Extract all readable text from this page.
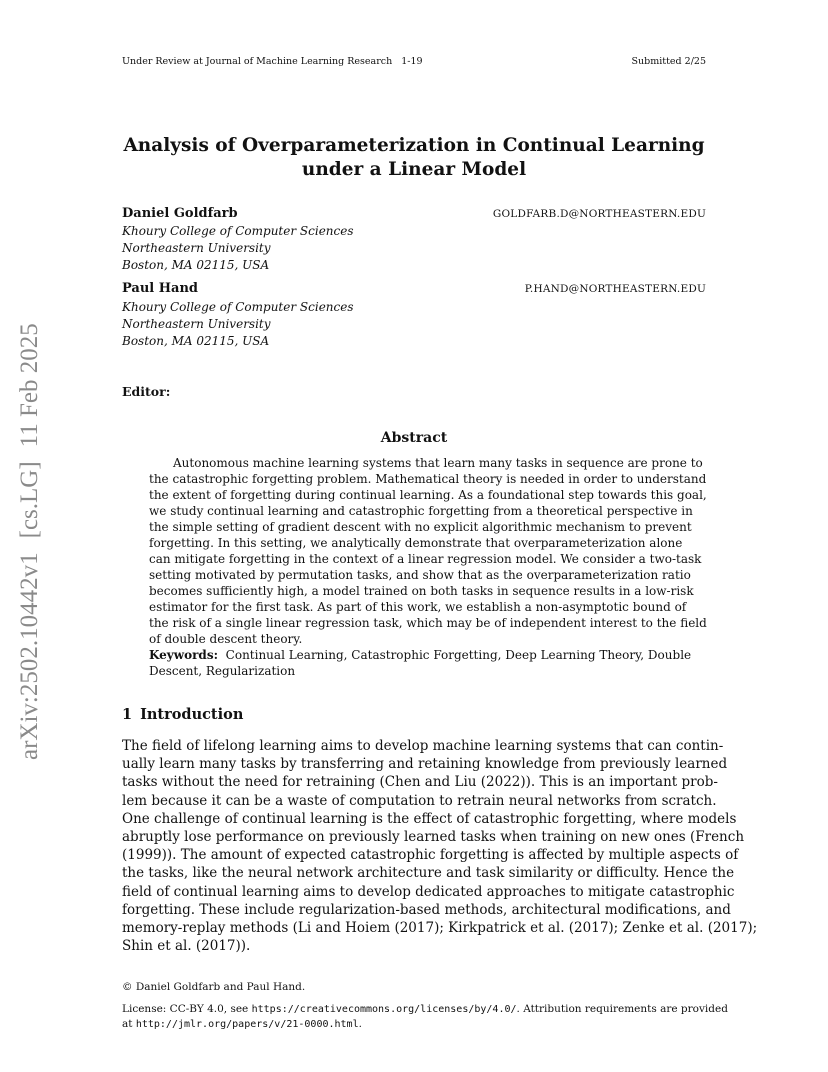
Under Review at Journal of Machine Learning Research 1-19	Submitted 2/25
arXiv:2502.10442v1[cs.LG]11 Feb 2025
Analysis of Overparameterization in Continual Learning
under a Linear Model
Daniel Goldfarb	GOLDFARB.D@NORTHEASTERN.EDU
Khoury College of Computer Sciences
Northeastern University
Boston, MA 02115, USA
Paul Hand	P.HAND@NORTHEASTERN.EDU
Khoury College of Computer Sciences
Northeastern University
Boston, MA 02115, USA
Editor:
Abstract
Autonomous machine learning systems that learn many tasks in sequence are prone to
the catastrophic forgetting problem. Mathematical theory is needed in order to understand
the extent of forgetting during continual learning. As a foundational step towards this goal,
we study continual learning and catastrophic forgetting from a theoretical perspective in
the simple setting of gradient descent with no explicit algorithmic mechanism to prevent
forgetting. In this setting, we analytically demonstrate that overparameterization alone
can mitigate forgetting in the context of a linear regression model. We consider a two-task
setting motivated by permutation tasks, and show that as the overparameterization ratio
becomes sufficiently high, a model trained on both tasks in sequence results in a low-risk
estimator for the first task. As part of this work, we establish a non-asymptotic bound of
the risk of a single linear regression task, which may be of independent interest to the field
of double descent theory.
Keywords: Continual Learning, Catastrophic Forgetting, Deep Learning Theory, Double
Descent, Regularization
1 Introduction
The field of lifelong learning aims to develop machine learning systems that can contin-
ually learn many tasks by transferring and retaining knowledge from previously learned
tasks without the need for retraining (Chen and Liu (2022)). This is an important prob-
lem because it can be a waste of computation to retrain neural networks from scratch.
One challenge of continual learning is the effect of catastrophic forgetting, where models
abruptly lose performance on previously learned tasks when training on new ones (French
(1999)). The amount of expected catastrophic forgetting is affected by multiple aspects of
the tasks, like the neural network architecture and task similarity or difficulty. Hence the
field of continual learning aims to develop dedicated approaches to mitigate catastrophic
forgetting. These include regularization-based methods, architectural modifications, and
memory-replay methods (Li and Hoiem (2017); Kirkpatrick et al. (2017); Zenke et al. (2017);
Shin et al. (2017)).
© Daniel Goldfarb and Paul Hand.
License: CC-BY 4.0, see https://creativecommons.org/licenses/by/4.0/. Attribution requirements are provided
at http://jmlr.org/papers/v/21-0000.html.
